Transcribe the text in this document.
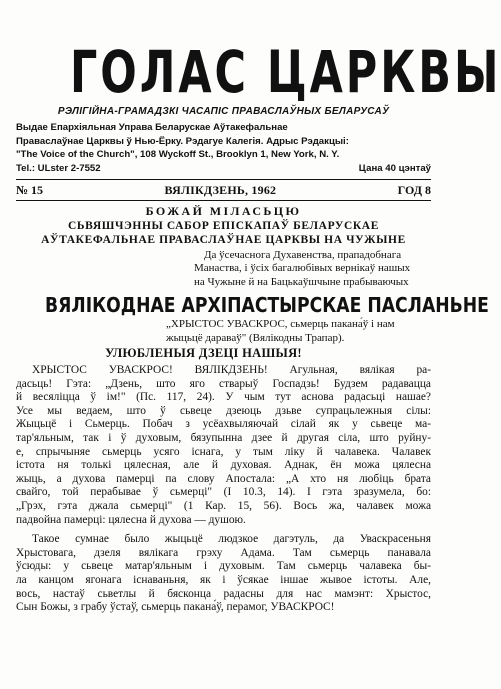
ГОЛАС ЦАРКВЫ
РЭЛІГІЙНА-ГРАМАДЗКІ ЧАСАПІС ПРАВАСЛАЎНЫХ БЕЛАРУСАЎ
Выдае Епархіяльная Управа Беларускае Аўтакефальнае
Праваслаўнае Царквы ў Нью-Ёрку. Рэдагуе Калегія. Адрыс Рэдакцыі:
"The Voice of the Church", 108 Wyckoff St., Brooklyn 1, New York, N. Y.
Tel.: ULster 2-7552	Цана 40 цэнтаў
№ 15	ВЯЛІКДЗЕНЬ, 1962	ГОД 8
БОЖАЙ МІЛАСЬЦЮ
СЬВЯШЧЭННЫ САБОР ЕПІСКАПАЎ БЕЛАРУСКАЕ
АЎТАКЕФАЛЬНАЕ ПРАВАСЛАЎНАЕ ЦАРКВЫ НА ЧУЖЫНЕ
Да ўсечаснога Духавенства, прападобнага
Манаства, і ўсіх багалюбівых вернікаў нашых
на Чужыне й на Бацькаўшчыне прабываючых
ВЯЛІКОДНАЕ АРХІПАСТЫРСКАЕ ПАСЛАНЬНЕ
„ХРЫСТОС УВАСКРОС, сьмерць пакана́ў і нам
жыцьцё дараваў" (Вялікодны Трапар).
УЛЮБЛЕНЫЯ ДЗЕЦІ НАШЫЯ!
ХРЫСТОС УВАСКРОС! ВЯЛІКДЗЕНЬ! Агульная, вялікая ра-
дасьць! Гэта: „Дзень, што яго стварыў Госпадзь! Будзем радавацца
й весяліцца ў ім!" (Пс. 117, 24). У чым тут аснова радасьці нашае?
Усе мы ведаем, што ў сьвеце дзеюць дзьве супрацьлежныя сілы:
Жыцьцё і Сьмерць. Побач з усёахвыляючай сілай як у сьвеце ма-
тар'яльным, так і ў духовым, бязупынна дзее й другая сіла, што руйну-
е, спрычыняе сьмерць усяго існага, у тым ліку й чалавека. Чалавек
істота ня толькі цялесная, але й духовая. Аднак, ён можа цялесна
жыць, а духова памерці па слову Апостала: „А хто ня любіць брата
свайго, той перабывае ў сьмерці" (І 10.3, 14). І гэта зразумела, бо:
„Грэх, гэта джала сьмерці" (1 Кар. 15, 56). Вось жа, чалавек можа
падвойна памерці: цялесна й духова — душою.
Такое сумнае было жыцьцё людзкое дагэтуль, да Уваскрасеньня
Хрыстовага, дзеля вялікага грэху Адама. Там сьмерць панавала
ўсюды: у сьвеце матар'яльным і духовым. Там сьмерць чалавека бы-
ла канцом ягонага існаваньня, як і ўсякае іншае жывое істоты. Але,
вось, настаў сьветлы й бясконца радасны для нас мамэнт: Хрыстос,
Сын Божы, з грабу ўстаў, сьмерць пакана́ў, перамог, УВАСКРОС!
